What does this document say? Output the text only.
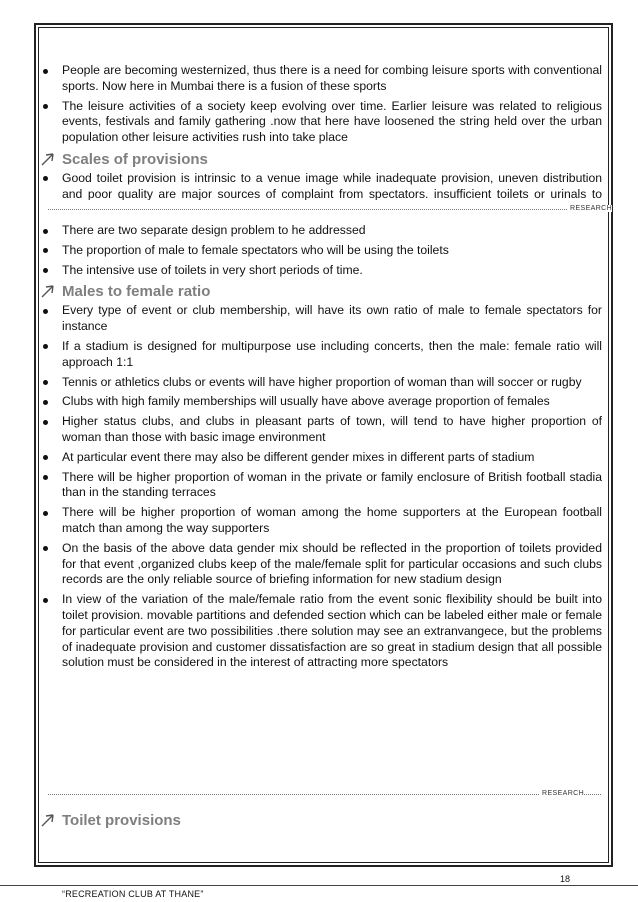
People are becoming westernized, thus there is a need for combing leisure sports with conventional sports. Now here in Mumbai there is a fusion of these sports
The leisure activities of a society keep evolving over time. Earlier leisure was related to religious events, festivals and family gathering .now that here have loosened the string held over the urban population other leisure activities rush into take place
Scales of provisions
Good toilet provision is intrinsic to a venue image while inadequate provision, uneven distribution and poor quality are major sources of complaint from spectators. insufficient toilets or urinals to
RESEARCH
There are two separate design problem to he addressed
The proportion of male to female spectators who will be using the toilets
The intensive use of toilets in very short periods of time.
Males to female ratio
Every type of event or club membership, will have its own ratio of male to female spectators for instance
If a stadium is designed for multipurpose use including concerts, then the male: female ratio will approach 1:1
Tennis or athletics clubs or events will have higher proportion of woman than will soccer or rugby
Clubs with high family memberships will usually have above average proportion of females
Higher status clubs, and clubs in pleasant parts of town, will tend to have higher proportion of woman than those with basic image environment
At particular event there may also be different gender mixes in different parts of stadium
There will be higher proportion of woman in the private or family enclosure of British football stadia than in the standing terraces
There will be higher proportion of woman among the home supporters at the European football match than among the way supporters
On the basis of the above data gender mix should be reflected in the proportion of toilets provided for that event ,organized clubs keep of the male/female split for particular occasions and such clubs records are the only reliable source of briefing information for new stadium design
In view of the variation of the male/female ratio from the event sonic flexibility should be built into toilet provision. movable partitions and defended section which can be labeled either male or female for particular event are two possibilities .there solution may see an extranvangece, but the problems of inadequate provision and customer dissatisfaction are so great in stadium design that all possible solution must be considered in the interest of attracting more spectators
RESEARCH
Toilet provisions
18
“RECREATION CLUB AT THANE”
